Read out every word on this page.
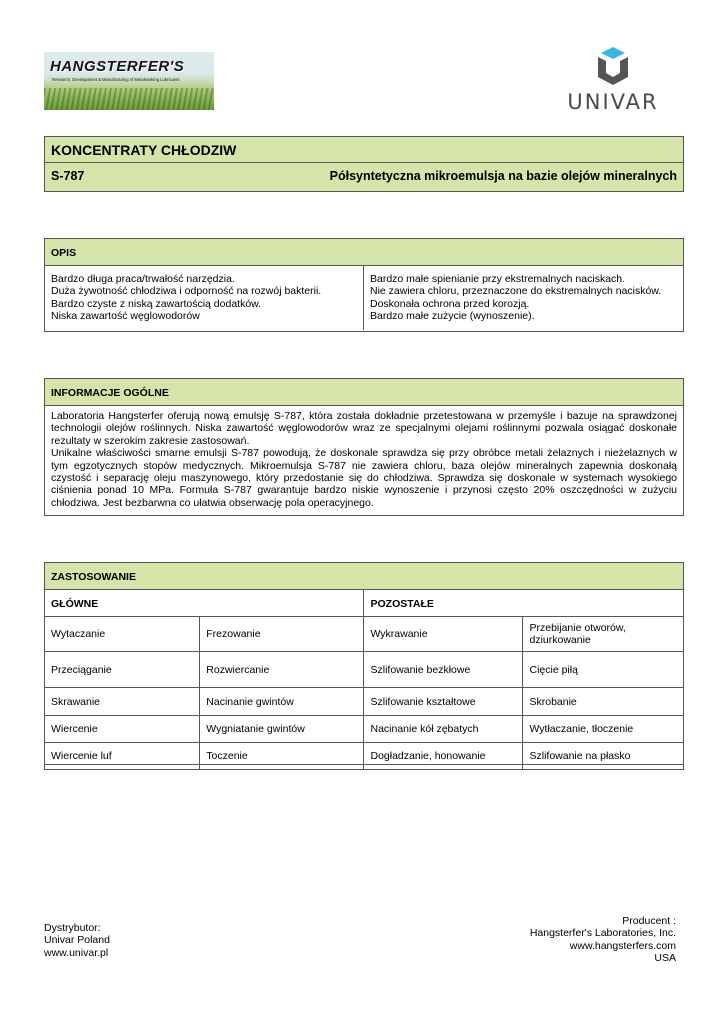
HANGSTERFER'S
Research, Development & Manufacturing of Metalworking Lubricants
UNIVAR
KONCENTRATY CHŁODZIW
S-787	Półsyntetyczna mikroemulsja na bazie olejów mineralnych
OPIS
Bardzo długa praca/trwałość narzędzia.
Duża żywotność chłodziwa i odporność na rozwój bakterii.
Bardzo czyste z niską zawartością dodatków.
Niska zawartość węglowodorów
Bardzo małe spienianie przy ekstremalnych naciskach.
Nie zawiera chloru, przeznaczone do ekstremalnych nacisków.
Doskonała ochrona przed korozją.
Bardzo małe zużycie (wynoszenie).
INFORMACJE OGÓLNE
Laboratoria Hangsterfer oferują nową emulsję S-787, która została dokładnie przetestowana w przemyśle i bazuje na sprawdzonej technologii olejów roślinnych. Niska zawartość węglowodorów wraz ze specjalnymi olejami roślinnymi pozwala osiągać doskonałe rezultaty w szerokim zakresie zastosowań.
Unikalne właściwości smarne emulsji S-787 powodują, że doskonale sprawdza się przy obróbce metali żelaznych i nieżelaznych w tym egzotycznych stopów medycznych. Mikroemulsja S-787 nie zawiera chloru, baza olejów mineralnych zapewnia doskonałą czystość i separację oleju maszynowego, który przedostanie się do chłodziwa. Sprawdza się doskonale w systemach wysokiego ciśnienia ponad 10 MPa. Formuła S-787 gwarantuje bardzo niskie wynoszenie i przynosi często 20% oszczędności w zużyciu chłodziwa. Jest bezbarwna co ułatwia obserwację pola operacyjnego.
ZASTOSOWANIE
GŁÓWNE		POZOSTAŁE	
Wytaczanie	Frezowanie	Wykrawanie	Przebijanie otworów, dziurkowanie
Przeciąganie	Rozwiercanie	Szlifowanie bezkłowe	Cięcie piłą
Skrawanie	Nacinanie gwintów	Szlifowanie kształtowe	Skrobanie
Wiercenie	Wygniatanie gwintów	Nacinanie kół zębatych	Wytłaczanie, tłoczenie
Wiercenie luf	Toczenie	Dogładzanie, honowanie	Szlifowanie na płasko
Dystrybutor:
Univar Poland
www.univar.pl
Producent :
Hangsterfer's Laboratories, Inc.
www.hangsterfers.com
USA
